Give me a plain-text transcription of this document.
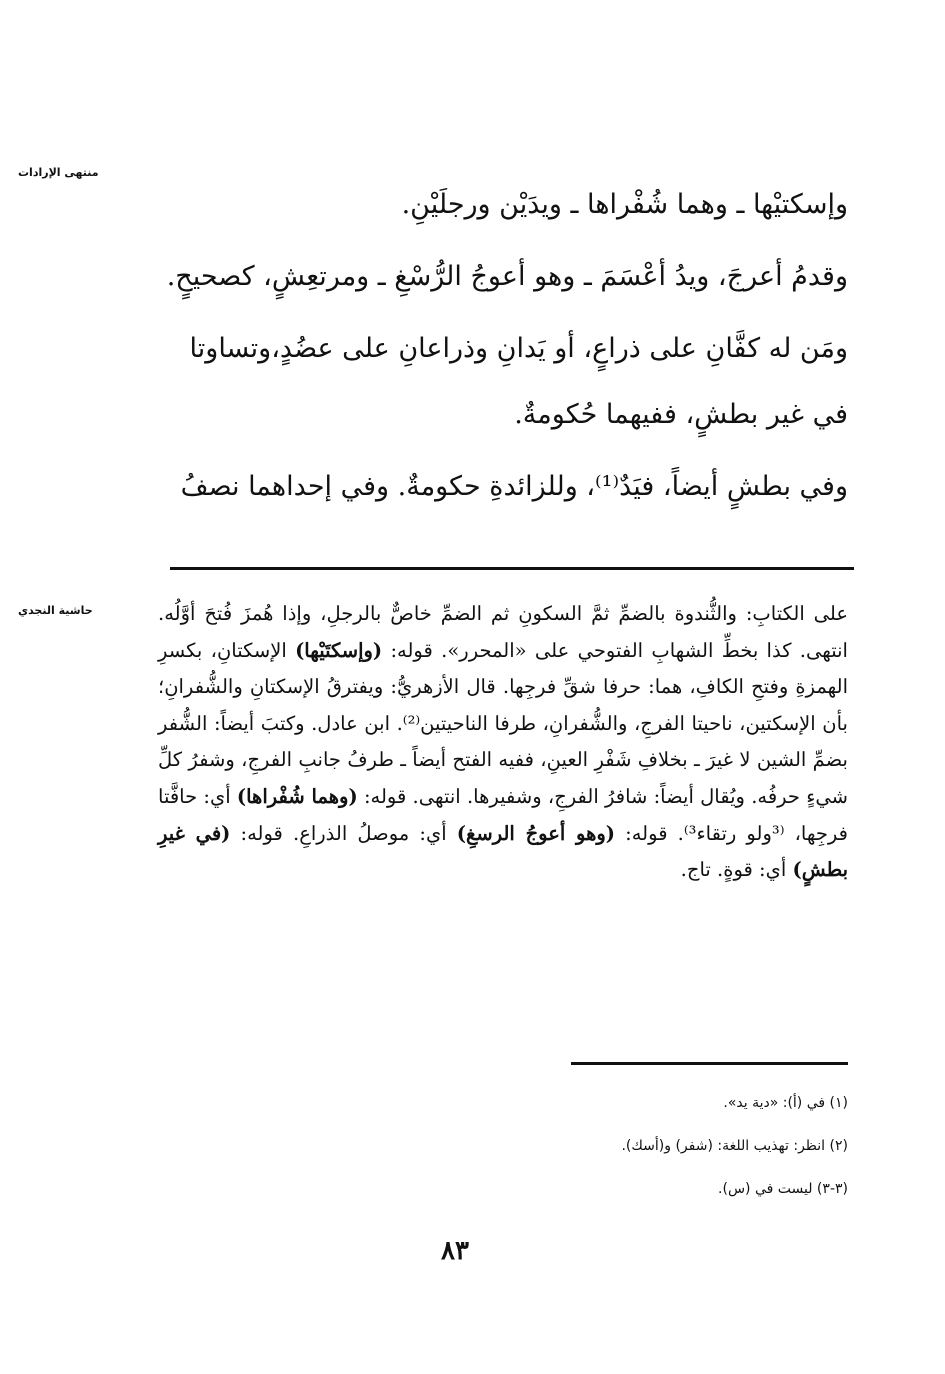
منتهى الإرادات
حاشية النجدي

وإسكتيْها ـ وهما شُفْراها ـ ويدَيْن ورجلَيْنِ.

وقدمُ أعرجَ، ويدُ أعْسَمَ ـ وهو أعوجُ الرُّسْغِ ـ ومرتعِشٍ، كصحيحٍ.

ومَن له كفَّانِ على ذراعٍ، أو يَدانِ وذراعانِ على عضُدٍ،وتساوتا في غير بطشٍ، ففيهما حُكومةٌ.

وفي بطشٍ أيضاً، فيَدٌ⁽¹⁾، وللزائدةِ حكومةٌ. وفي إحداهما نصفُ

على الكتابِ: والثُّندوة بالضمِّ ثمَّ السكونِ ثم الضمِّ خاصٌّ بالرجلِ، وإذا هُمزَ فُتحَ أوَّلُه. انتهى. كذا بخطِّ الشهابِ الفتوحي على «المحرر». قوله: (وإسكتَيْها) الإسكتانِ، بكسرِ الهمزةِ وفتحِ الكافِ، هما: حرفا شقِّ فرجِها. قال الأزهريُّ: ويفترقُ الإسكتانِ والشُّفرانِ؛ بأن الإسكتين، ناحيتا الفرجِ، والشُّفرانِ، طرفا الناحيتين⁽²⁾. ابن عادل. وكتبَ أيضاً: الشُّفر بضمِّ الشين لا غيرَ ـ بخلافِ شَفْرِ العينِ، ففيه الفتح أيضاً ـ طرفُ جانبِ الفرجِ، وشفرُ كلِّ شيءٍ حرفُه. ويُقال أيضاً: شافرُ الفرجِ، وشفيرها. انتهى. قوله: (وهما شُفْراها) أي: حافَّتا فرجِها، ⁽³ولو رتقاء³⁾. قوله: (وهو أعوجُ الرسغِ) أي: موصلُ الذراعِ. قوله: (في غيرِ بطشٍ) أي: قوةٍ. تاج.
(١) في (أ): «دية يد».
(٢) انظر: تهذيب اللغة: (شفر) و(أسك).
(٣-٣) ليست في (س).
٨٣
